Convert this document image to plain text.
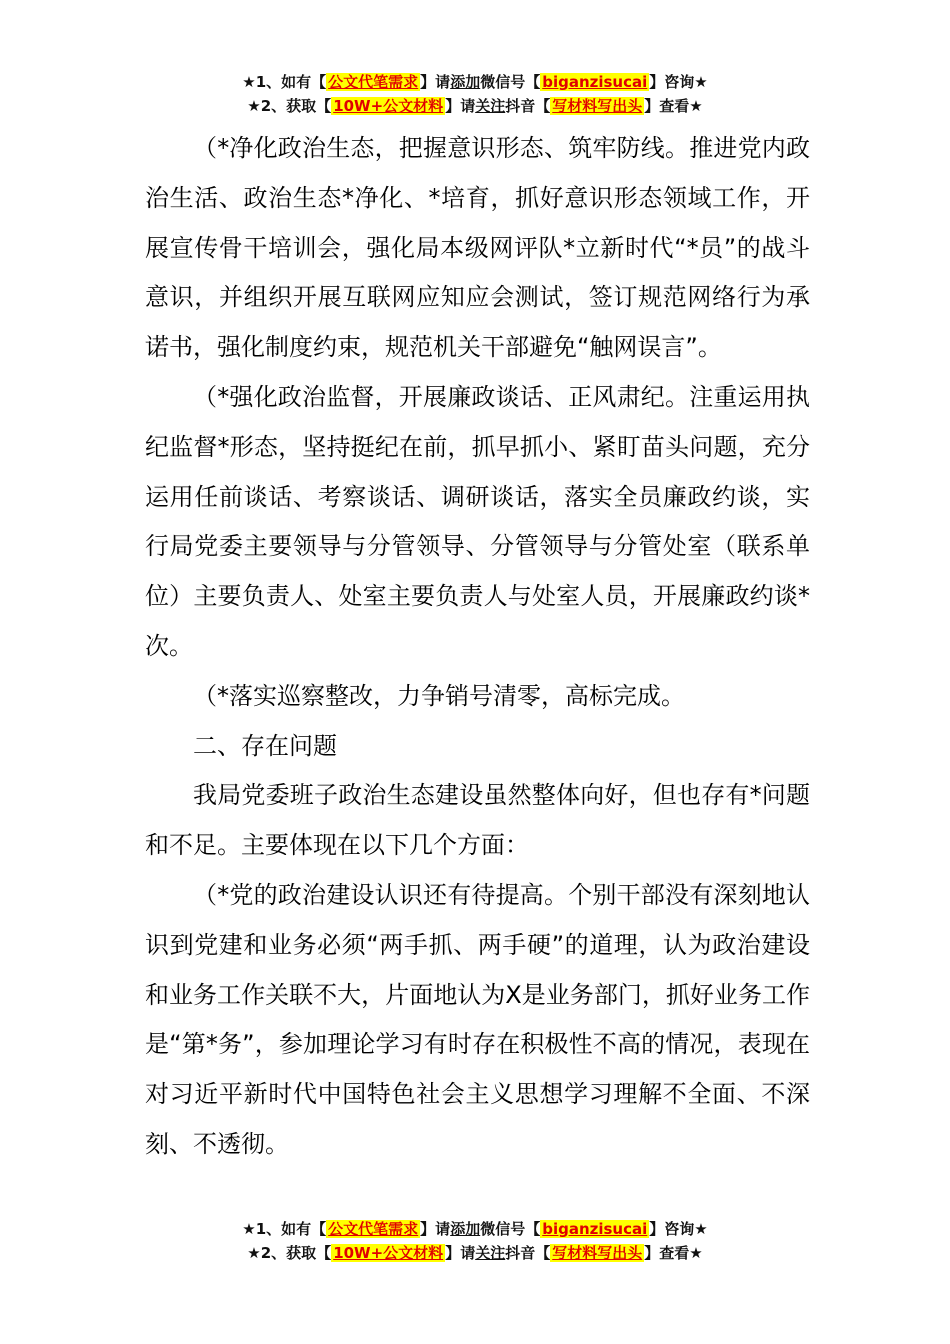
★1、如有【 公文代笔需求 】请添加微信号【 biganzisucai 】咨询★
★2、获取【 10W+公文材料 】请关注抖音【 写材料写出头 】查看★

（*净化政治生态，把握意识形态、筑牢防线。推进党内政治生活、政治生态*净化、*培育，抓好意识形态领域工作，开展宣传骨干培训会，强化局本级网评队*立新时代“*员”的战斗意识，并组织开展互联网应知应会测试，签订规范网络行为承诺书，强化制度约束，规范机关干部避免“触网误言”。

（*强化政治监督，开展廉政谈话、正风肃纪。注重运用执纪监督*形态，坚持挺纪在前，抓早抓小、紧盯苗头问题，充分运用任前谈话、考察谈话、调研谈话，落实全员廉政约谈，实行局党委主要领导与分管领导、分管领导与分管处室（联系单位）主要负责人、处室主要负责人与处室人员，开展廉政约谈*次。

（*落实巡察整改，力争销号清零，高标完成。

二、存在问题

我局党委班子政治生态建设虽然整体向好，但也存有*问题和不足。主要体现在以下几个方面：

（*党的政治建设认识还有待提高。个别干部没有深刻地认识到党建和业务必须“两手抓、两手硬”的道理，认为政治建设和业务工作关联不大，片面地认为X是业务部门，抓好业务工作是“第*务”，参加理论学习有时存在积极性不高的情况，表现在对习近平新时代中国特色社会主义思想学习理解不全面、不深刻、不透彻。

★1、如有【 公文代笔需求 】请添加微信号【 biganzisucai 】咨询★
★2、获取【 10W+公文材料 】请关注抖音【 写材料写出头 】查看★
